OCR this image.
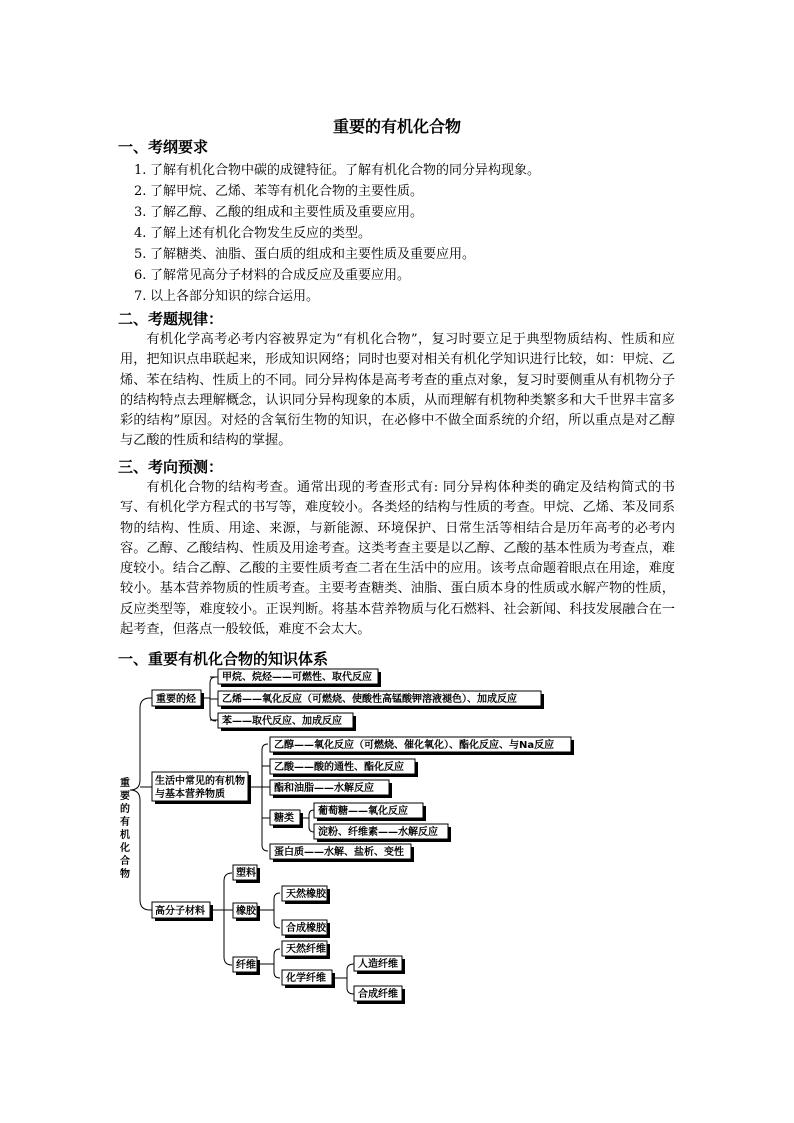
重要的有机化合物
一、考纲要求
1. 了解有机化合物中碳的成键特征。了解有机化合物的同分异构现象。
2. 了解甲烷、乙烯、苯等有机化合物的主要性质。
3. 了解乙醇、乙酸的组成和主要性质及重要应用。
4. 了解上述有机化合物发生反应的类型。
5. 了解糖类、油脂、蛋白质的组成和主要性质及重要应用。
6. 了解常见高分子材料的合成反应及重要应用。
7. 以上各部分知识的综合运用。
二、考题规律：

有机化学高考必考内容被界定为“有机化合物”，复习时要立足于典型物质结构、性质和应用，把知识点串联起来，形成知识网络；同时也要对相关有机化学知识进行比较，如：甲烷、乙烯、苯在结构、性质上的不同。同分异构体是高考考查的重点对象，复习时要侧重从有机物分子的结构特点去理解概念，认识同分异构现象的本质，从而理解有机物种类繁多和大千世界丰富多彩的结构”原因。对烃的含氧衍生物的知识，在必修中不做全面系统的介绍，所以重点是对乙醇与乙酸的性质和结构的掌握。

三、考向预测：

有机化合物的结构考查。通常出现的考查形式有: 同分异构体种类的确定及结构简式的书写、有机化学方程式的书写等，难度较小。各类烃的结构与性质的考查。甲烷、乙烯、苯及同系物的结构、性质、用途、来源，与新能源、环境保护、日常生活等相结合是历年高考的必考内容。乙醇、乙酸结构、性质及用途考查。这类考查主要是以乙醇、乙酸的基本性质为考查点，难度较小。结合乙醇、乙酸的主要性质考查二者在生活中的应用。该考点命题着眼点在用途，难度较小。基本营养物质的性质考查。主要考查糖类、油脂、蛋白质本身的性质或水解产物的性质，反应类型等，难度较小。正误判断。将基本营养物质与化石燃料、社会新闻、科技发展融合在一起考查，但落点一般较低，难度不会太大。

一、重要有机化合物的知识体系
重要的有机化合物
重要的烃
生活中常见的有机物
与基本营养物质
高分子材料
甲烷、烷烃——可燃性、取代反应
乙烯——氧化反应（可燃烧、使酸性高锰酸钾溶液褪色）、加成反应
苯——取代反应、加成反应
乙醇——氧化反应（可燃烧、催化氧化）、酯化反应、与Na反应
乙酸——酸的通性、酯化反应
酯和油脂——水解反应
糖类
蛋白质——水解、盐析、变性
葡萄糖——氧化反应
淀粉、纤维素——水解反应
塑料
橡胶
纤维
天然橡胶
合成橡胶
天然纤维
化学纤维
人造纤维
合成纤维
